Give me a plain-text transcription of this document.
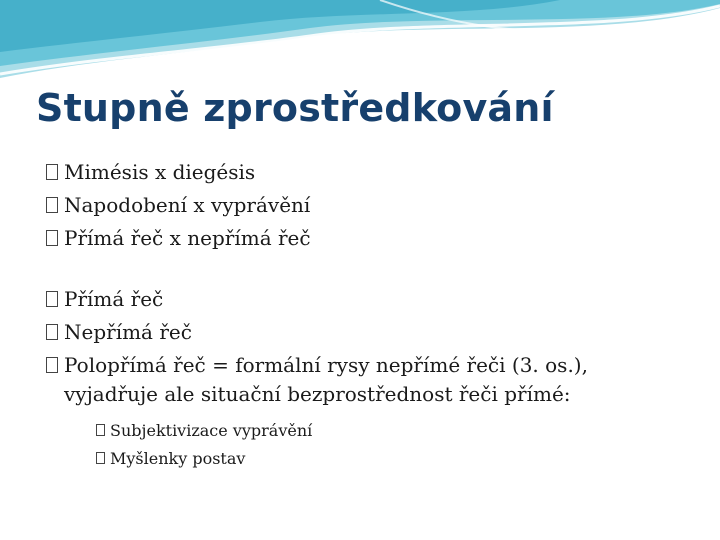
Stupně zprostředkování
Mimésis x diegésis
Napodobení x vyprávění
Přímá řeč x nepřímá řeč
Přímá řeč
Nepřímá řeč
Polopřímá řeč = formální rysy nepřímé řeči (3. os.),
vyjadřuje ale situační bezprostřednost řeči přímé:
Subjektivizace vyprávění
Myšlenky postav
